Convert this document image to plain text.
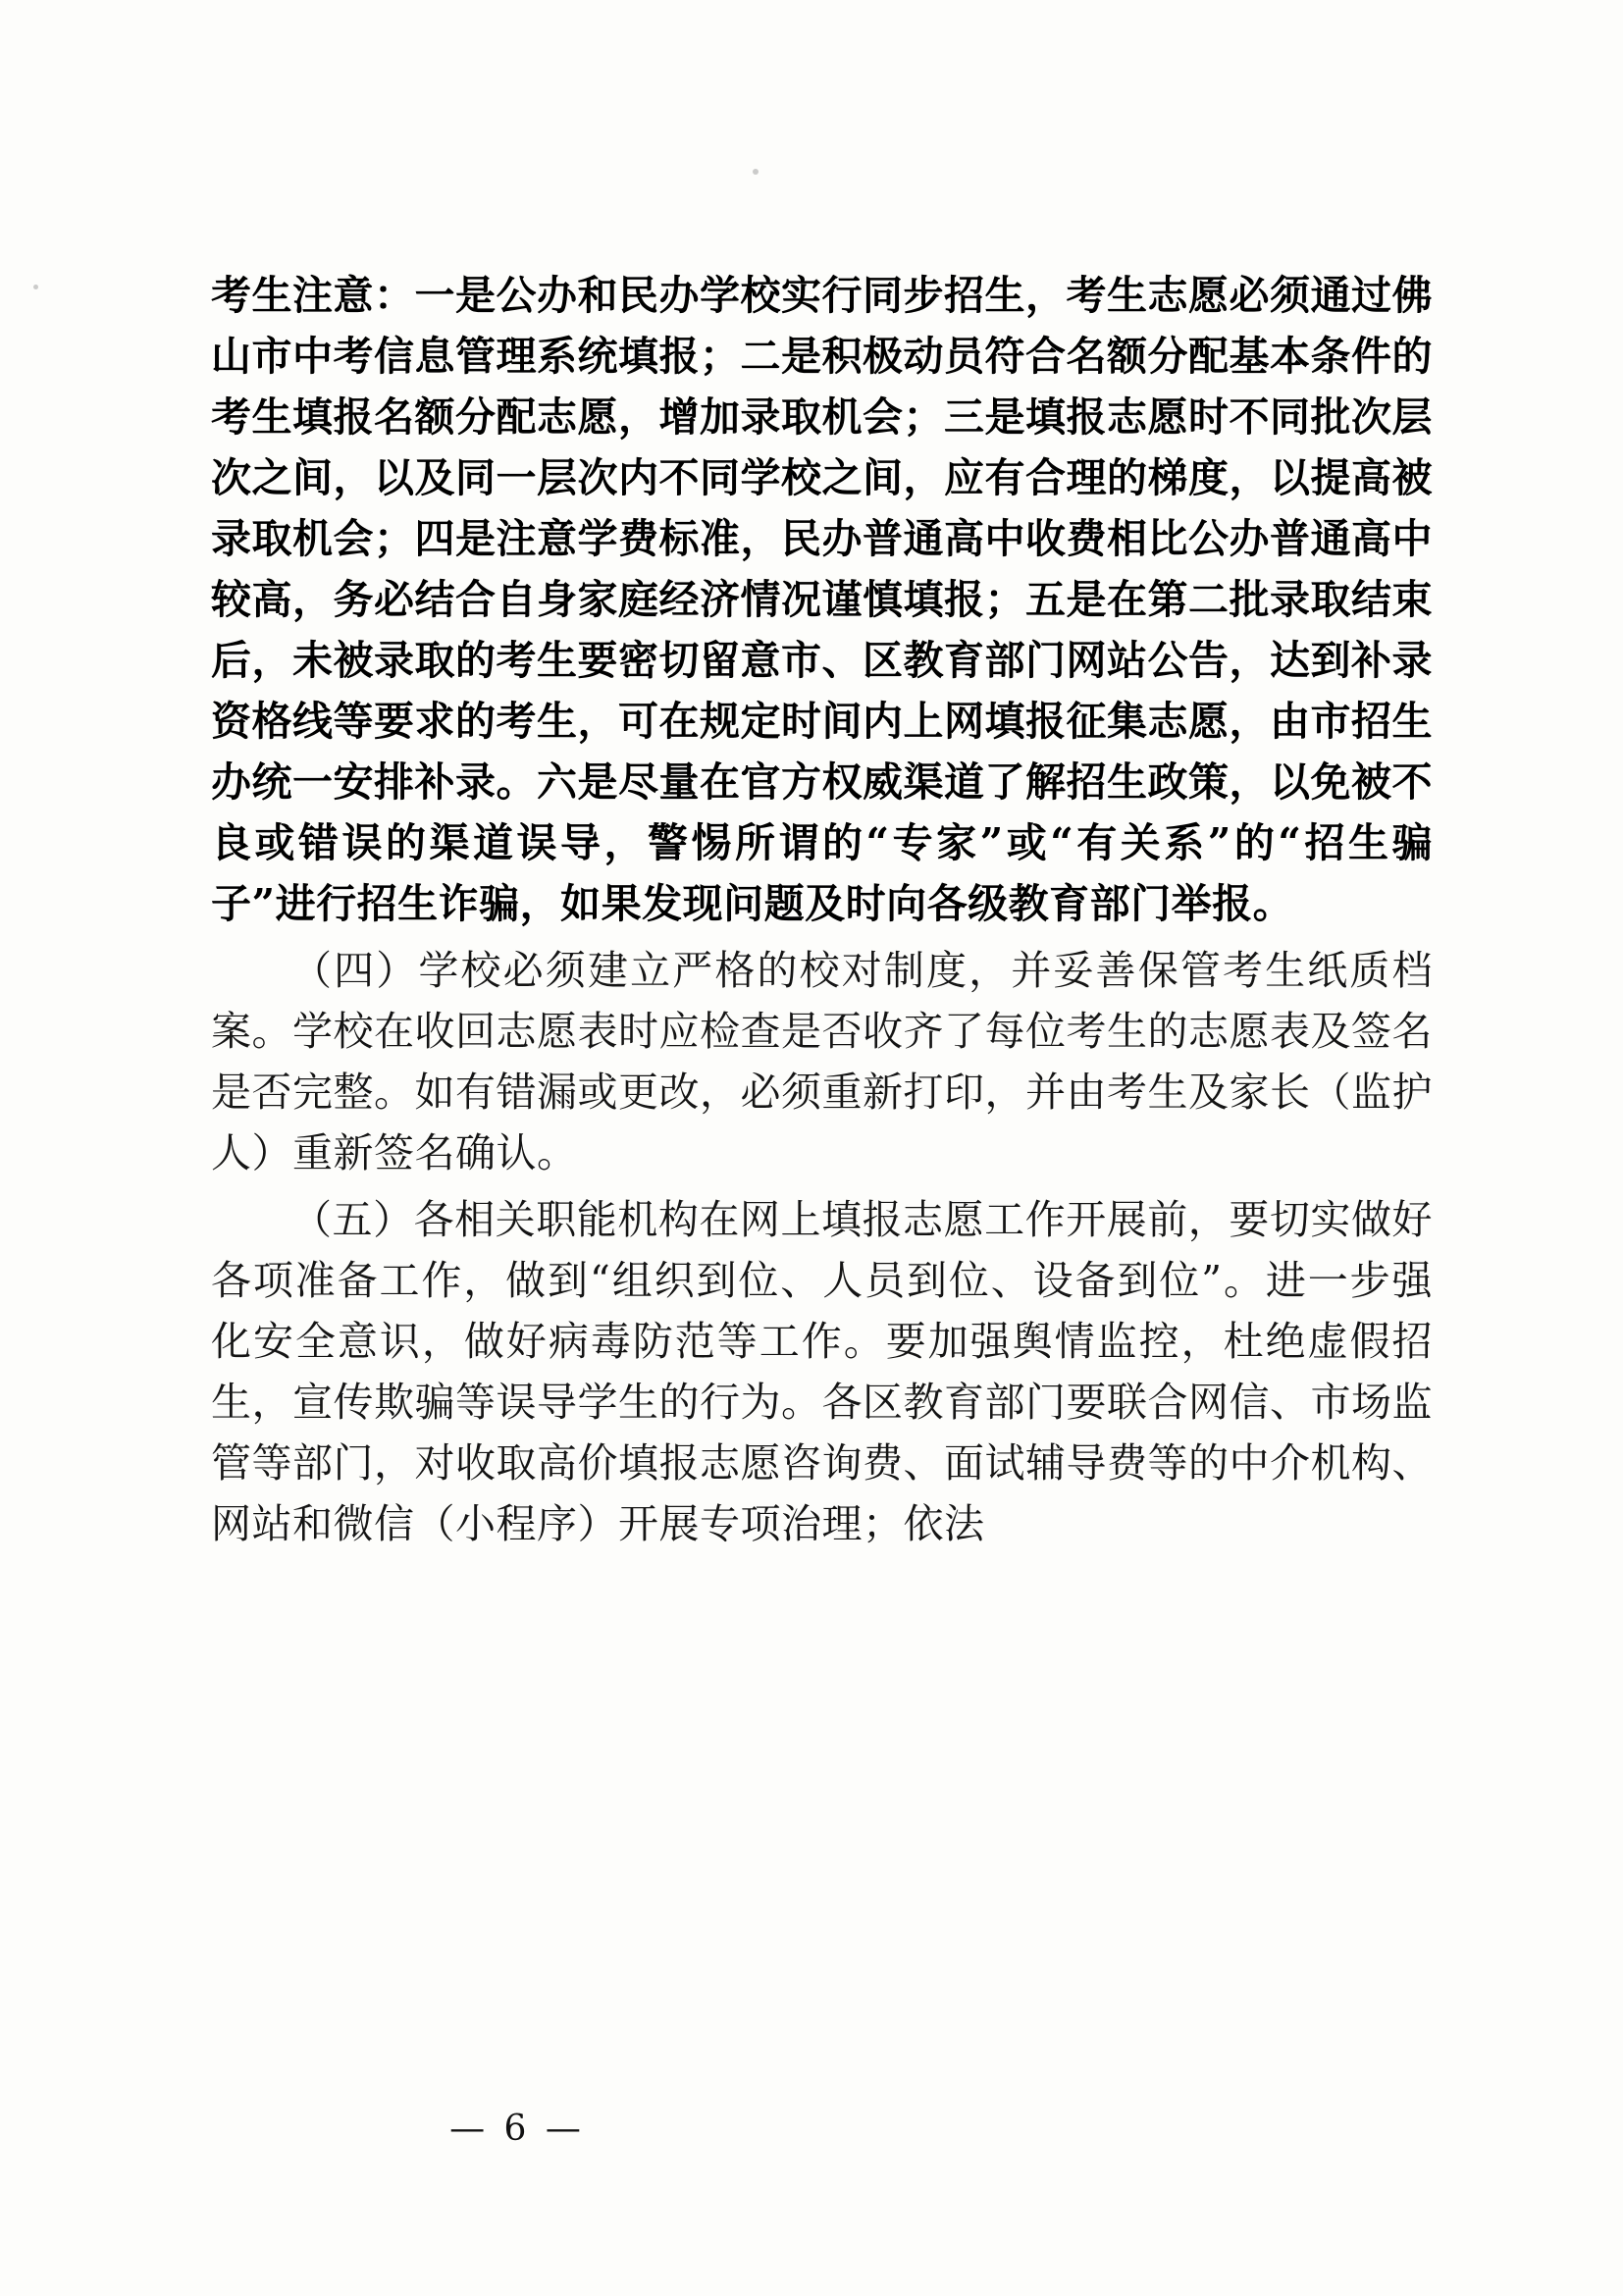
考生注意：一是公办和民办学校实行同步招生，考生志愿必须通过佛山市中考信息管理系统填报；二是积极动员符合名额分配基本条件的考生填报名额分配志愿，增加录取机会；三是填报志愿时不同批次层次之间，以及同一层次内不同学校之间，应有合理的梯度，以提高被录取机会；四是注意学费标准，民办普通高中收费相比公办普通高中较高，务必结合自身家庭经济情况谨慎填报；五是在第二批录取结束后，未被录取的考生要密切留意市、区教育部门网站公告，达到补录资格线等要求的考生，可在规定时间内上网填报征集志愿，由市招生办统一安排补录。六是尽量在官方权威渠道了解招生政策，以免被不良或错误的渠道误导，警惕所谓的“专家”或“有关系”的“招生骗子”进行招生诈骗，如果发现问题及时向各级教育部门举报。

（四）学校必须建立严格的校对制度，并妥善保管考生纸质档案。学校在收回志愿表时应检查是否收齐了每位考生的志愿表及签名是否完整。如有错漏或更改，必须重新打印，并由考生及家长（监护人）重新签名确认。

（五）各相关职能机构在网上填报志愿工作开展前，要切实做好各项准备工作，做到“组织到位、人员到位、设备到位”。进一步强化安全意识，做好病毒防范等工作。要加强舆情监控，杜绝虚假招生，宣传欺骗等误导学生的行为。各区教育部门要联合网信、市场监管等部门，对收取高价填报志愿咨询费、面试辅导费等的中介机构、网站和微信（小程序）开展专项治理；依法

— 6 —
